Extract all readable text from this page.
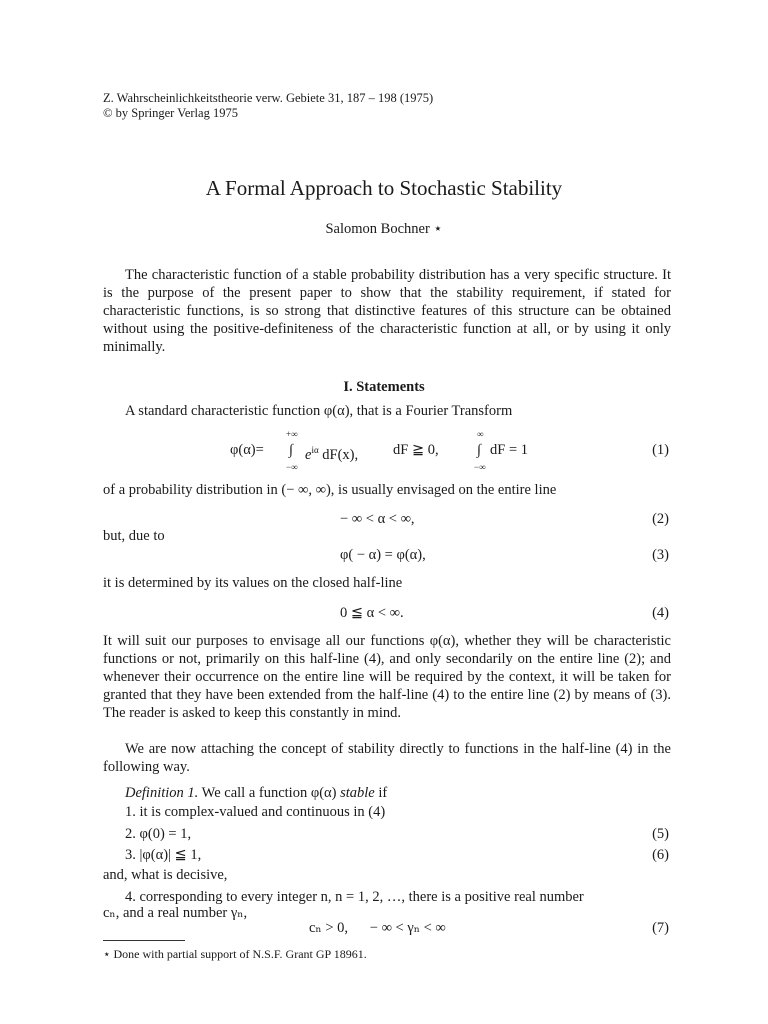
Z. Wahrscheinlichkeitstheorie verw. Gebiete 31, 187 – 198 (1975)
© by Springer Verlag 1975
A Formal Approach to Stochastic Stability
Salomon Bochner ⋆
The characteristic function of a stable probability distribution has a very specific structure. It is the purpose of the present paper to show that the stability requirement, if stated for characteristic functions, is so strong that distinctive features of this structure can be obtained without using the positive-definiteness of the characteristic function at all, or by using it only minimally.
I. Statements
A standard characteristic function φ(α), that is a Fourier Transform
φ(α)=
+∞
∫
−∞
$e^{i\alpha}$ dF(x), dF ≧ 0,
∞
∫
−∞
dF = 1	(1)
of a probability distribution in (− ∞, ∞), is usually envisaged on the entire line
− ∞ < α < ∞,	(2)
but, due to
φ( − α) = φ(α),	(3)
it is determined by its values on the closed half-line
0 ≦ α < ∞.	(4)
It will suit our purposes to envisage all our functions φ(α), whether they will be characteristic functions or not, primarily on this half-line (4), and only secondarily on the entire line (2); and whenever their occurrence on the entire line will be required by the context, it will be taken for granted that they have been extended from the half-line (4) to the entire line (2) by means of (3). The reader is asked to keep this constantly in mind.
We are now attaching the concept of stability directly to functions in the half-line (4) in the following way.
Definition 1. We call a function φ(α) stable if
1. it is complex-valued and continuous in (4)
2. φ(0) = 1,	(5)
3. |φ(α)| ≦ 1,	(6)
and, what is decisive,
4. corresponding to every integer n, n = 1, 2, …, there is a positive real number
cₙ, and a real number γₙ,
cₙ > 0,      − ∞ < γₙ < ∞	(7)
⋆ Done with partial support of N.S.F. Grant GP 18961.
